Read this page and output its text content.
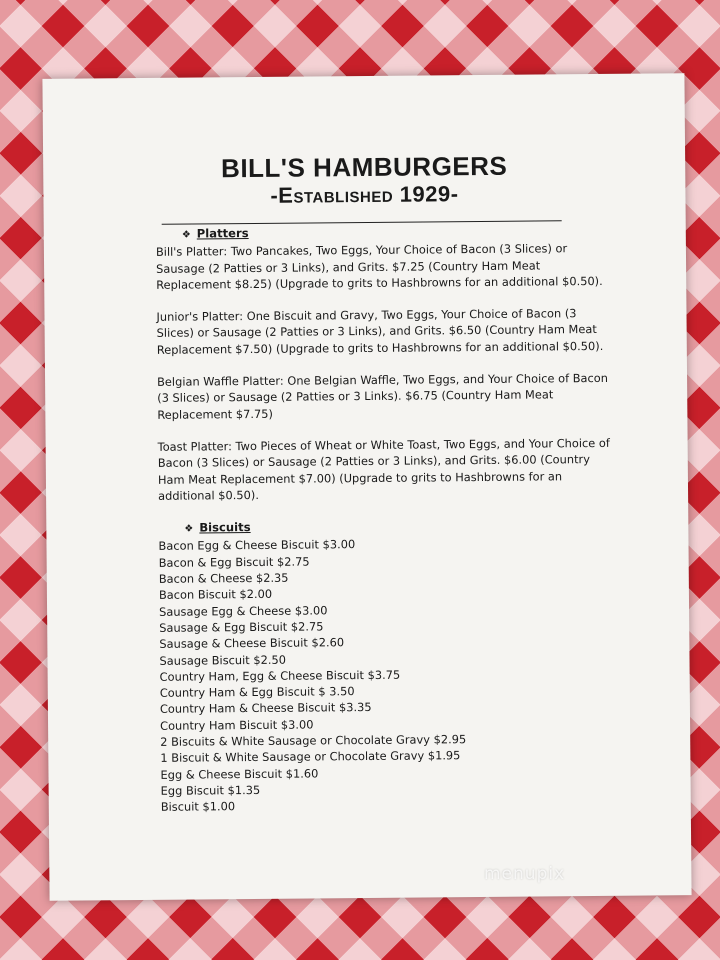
BILL'S HAMBURGERS
-Established 1929-
❖ Platters

Bill's Platter: Two Pancakes, Two Eggs, Your Choice of Bacon (3 Slices) or Sausage (2 Patties or 3 Links), and Grits. $7.25 (Country Ham Meat Replacement $8.25) (Upgrade to grits to Hashbrowns for an additional $0.50).

Junior's Platter: One Biscuit and Gravy, Two Eggs, Your Choice of Bacon (3 Slices) or Sausage (2 Patties or 3 Links), and Grits. $6.50 (Country Ham Meat Replacement $7.50) (Upgrade to grits to Hashbrowns for an additional $0.50).

Belgian Waffle Platter: One Belgian Waffle, Two Eggs, and Your Choice of Bacon (3 Slices) or Sausage (2 Patties or 3 Links). $6.75 (Country Ham Meat Replacement $7.75)

Toast Platter: Two Pieces of Wheat or White Toast, Two Eggs, and Your Choice of Bacon (3 Slices) or Sausage (2 Patties or 3 Links), and Grits. $6.00 (Country Ham Meat Replacement $7.00) (Upgrade to grits to Hashbrowns for an additional $0.50).

❖ Biscuits

Bacon Egg & Cheese Biscuit $3.00

Bacon & Egg Biscuit $2.75

Bacon & Cheese $2.35

Bacon Biscuit $2.00

Sausage Egg & Cheese $3.00

Sausage & Egg Biscuit $2.75

Sausage & Cheese Biscuit $2.60

Sausage Biscuit $2.50

Country Ham, Egg & Cheese Biscuit $3.75

Country Ham & Egg Biscuit $ 3.50

Country Ham & Cheese Biscuit $3.35

Country Ham Biscuit $3.00

2 Biscuits & White Sausage or Chocolate Gravy $2.95

1 Biscuit & White Sausage or Chocolate Gravy $1.95

Egg & Cheese Biscuit $1.60

Egg Biscuit $1.35

Biscuit $1.00

menupix
